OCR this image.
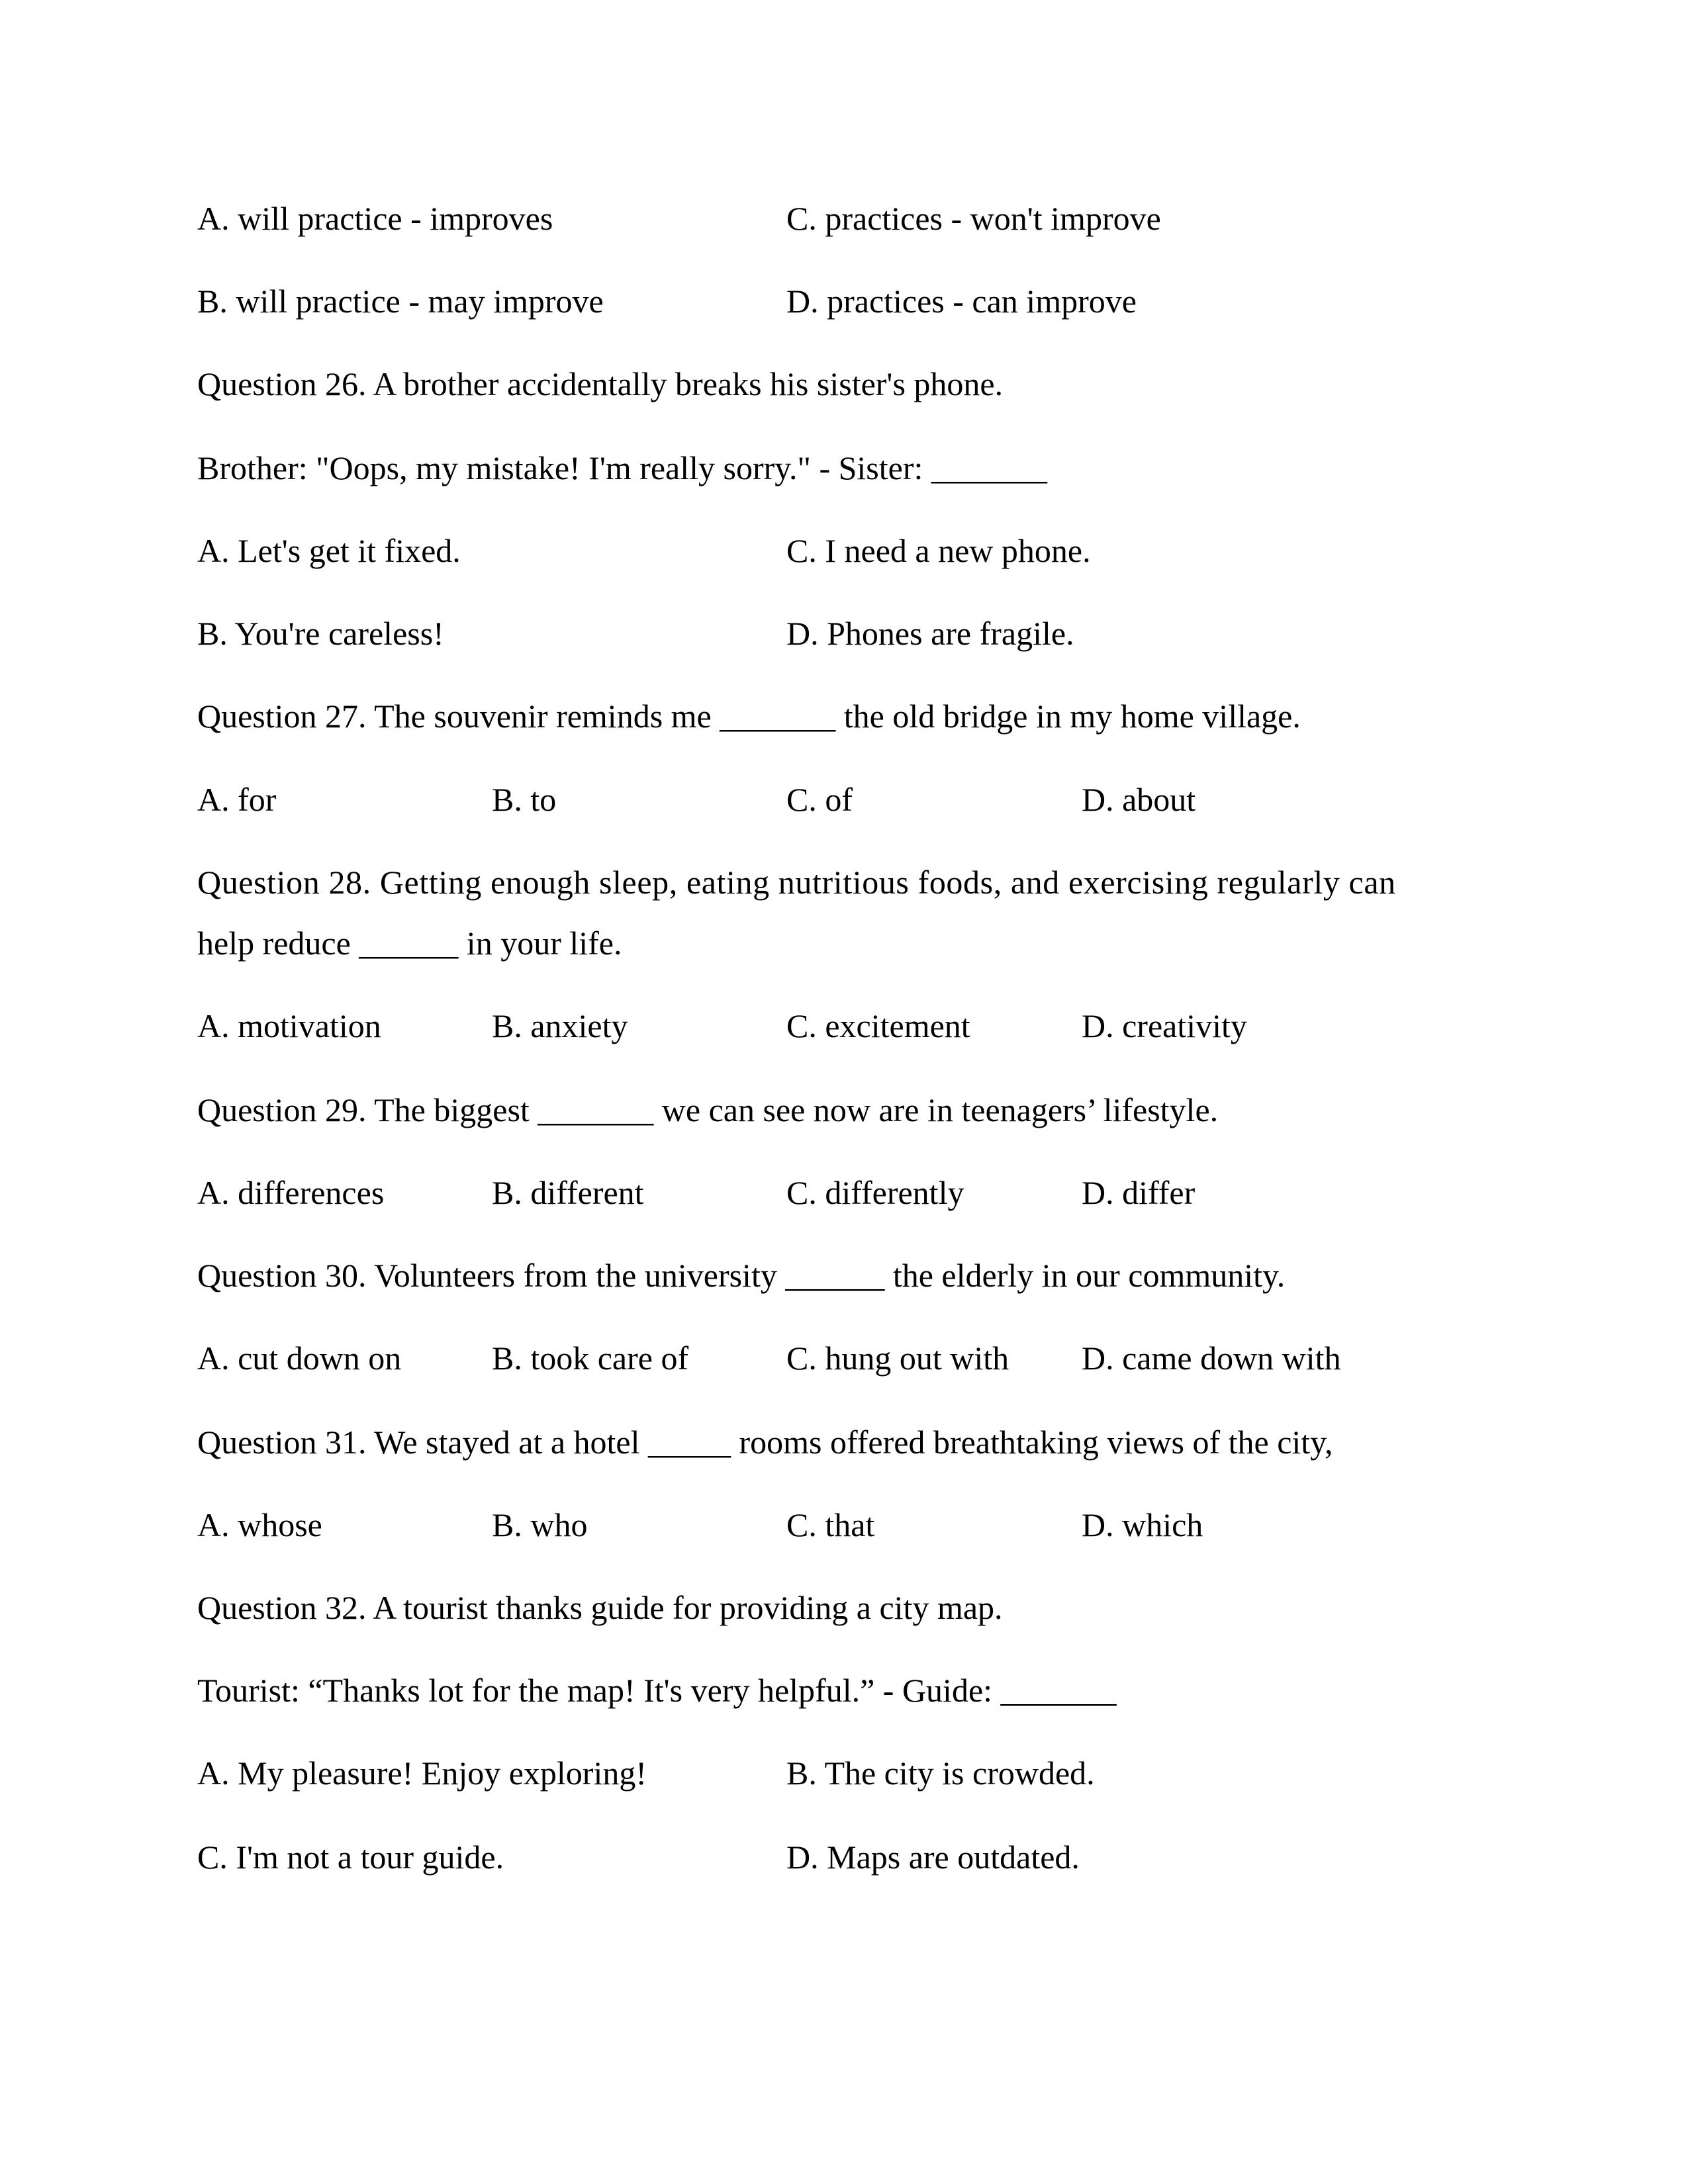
A. will practice - improves	C. practices - won't improve
B. will practice - may improve	D. practices - can improve
Question 26. A brother accidentally breaks his sister's phone.
Brother: "Oops, my mistake! I'm really sorry." - Sister: _______
A. Let's get it fixed.	C. I need a new phone.
B. You're careless!	D. Phones are fragile.
Question 27. The souvenir reminds me _______ the old bridge in my home village.
A. for	B. to	C. of	D. about
Question 28. Getting enough sleep, eating nutritious foods, and exercising regularly can
help reduce ______ in your life.
A. motivation	B. anxiety	C. excitement	D. creativity
Question 29. The biggest _______ we can see now are in teenagers’ lifestyle.
A. differences	B. different	C. differently	D. differ
Question 30. Volunteers from the university ______ the elderly in our community.
A. cut down on	B. took care of	C. hung out with D. came down with
Question 31. We stayed at a hotel _____ rooms offered breathtaking views of the city,
A. whose	B. who	C. that	D. which
Question 32. A tourist thanks guide for providing a city map.
Tourist: “Thanks lot for the map! It's very helpful.” - Guide: _______
A. My pleasure! Enjoy exploring!	B. The city is crowded.
C. I'm not a tour guide.	D. Maps are outdated.
